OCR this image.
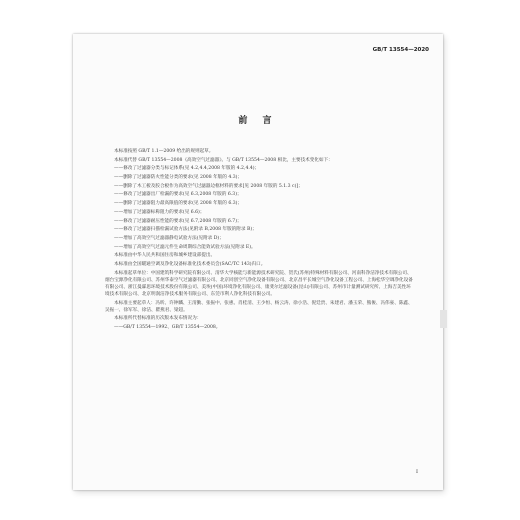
GB/T 13554—2020
前 言

本标准按照 GB/T 1.1—2009 给出的规则起草。

本标准代替 GB/T 13554—2008《高效空气过滤器》。与 GB/T 13554—2008 相比，主要技术变化如下：

——修改了过滤器分类与标记体系(见 4.2,4.4,2008 年版的 4.2,4.4)；

——删除了过滤器防火性能分类的要求(见 2008 年版的 4.3)；

——删除了木工板及胶合板作为高效空气过滤器边框材料的要求[见 2008 年版的 5.1.3 c)]；

——修改了过滤器出厂检漏的要求(见 6.3,2008 年版的 6.3)；

——删除了过滤器阻力最高限值的要求(见 2008 年版的 6.3)；

——增加了过滤器标称阻力的要求(见 6.6)；

——修改了过滤器耐压性能的要求(见 6.7,2008 年版的 6.7)；

——修改了过滤器扫描检漏试验方法(见附录 B,2008 年版的附录 B)；

——增加了高效空气过滤器静电试验方法(见附录 D)；

——增加了高效空气过滤元件生命周期综合能效试验方法(见附录 E)。

本标准由中华人民共和国住房和城乡建设部提出。

本标准由全国暖通空调及净化设备标准化技术委员会(SAC/TC 143)归口。

本标准起草单位：中国建筑科学研究院有限公司、清华大学核能与新能源技术研究院、贺氏(苏州)特殊材料有限公司、河南科净洁净技术有限公司、烟台宝源净化有限公司、苏州华泰空气过滤器有限公司、北京同创空气净化设备有限公司、北京昌平长城空气净化设备工程公司、上海松华空调净化设备有限公司、浙江曼霖思环境技术股份有限公司、美埃(中国)环境净化有限公司、康斐尔过滤设备(昆山)有限公司、苏州市计量测试研究所、上海吉美性环境技术有限公司、北京明润洁净技术服务有限公司、东莞市利人净化科技有限公司。

本标准主要起草人：冯昕、许钟麟、王清勤、张振中、张惠、肖桂清、王少恒、杨云涛、徐小浩、倪廷贵、朱建君、潘玉荣、熊俊、冯伟豪、陈鑫、吴振一、徐军军、徐洁、瞿燕君、梁超。

本标准所代替标准的历次版本发布情况为：

——GB/T 13554—1992、GB/T 13554—2008。

I
